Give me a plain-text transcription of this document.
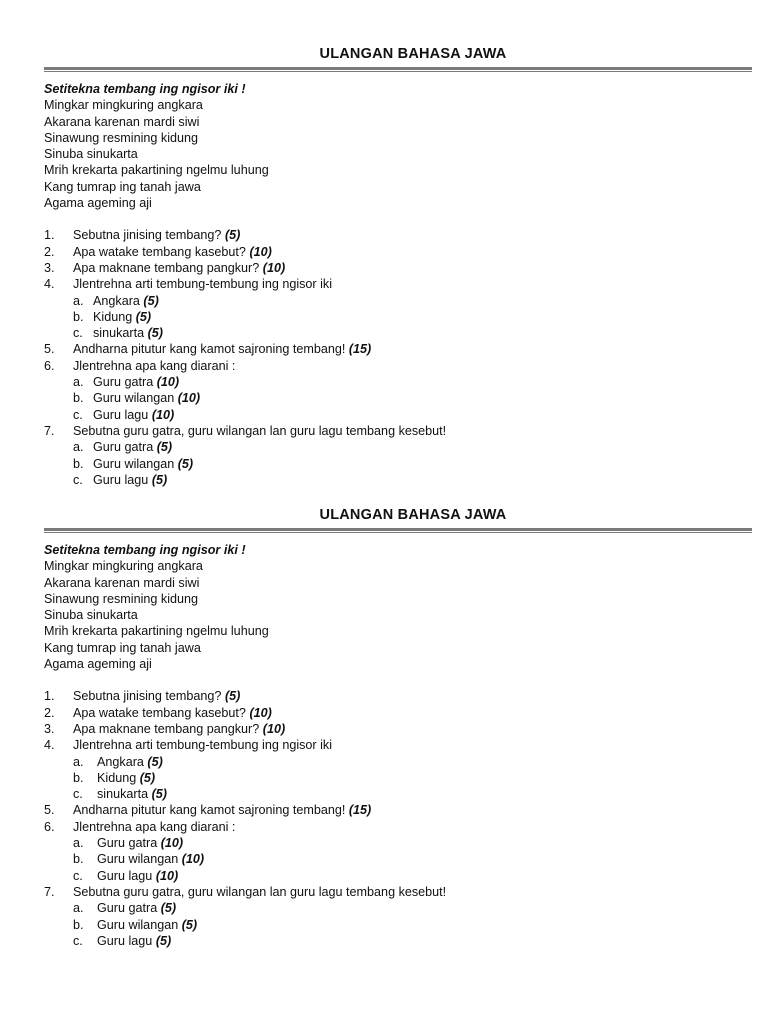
ULANGAN BAHASA JAWA
Setitekna tembang ing ngisor iki !
Mingkar mingkuring angkara
Akarana karenan mardi siwi
Sinawung resmining kidung
Sinuba sinukarta
Mrih krekarta pakartining ngelmu luhung
Kang tumrap ing tanah jawa
Agama ageming aji
1.	Sebutna jinising tembang? (5)
2.	Apa watake tembang kasebut? (10)
3.	Apa maknane tembang pangkur? (10)
4.	Jlentrehna arti tembung-tembung ing ngisor iki
a. Angkara (5)
b. Kidung (5)
c. sinukarta (5)
5.	Andharna pitutur kang kamot sajroning tembang! (15)
6.	Jlentrehna apa kang diarani :
a. Guru gatra (10)
b. Guru wilangan (10)
c. Guru lagu (10)
7.	Sebutna guru gatra, guru wilangan lan guru lagu tembang kesebut!
a. Guru gatra (5)
b. Guru wilangan (5)
c. Guru lagu (5)
ULANGAN BAHASA JAWA
Setitekna tembang ing ngisor iki !
Mingkar mingkuring angkara
Akarana karenan mardi siwi
Sinawung resmining kidung
Sinuba sinukarta
Mrih krekarta pakartining ngelmu luhung
Kang tumrap ing tanah jawa
Agama ageming aji
1.	Sebutna jinising tembang? (5)
2.	Apa watake tembang kasebut? (10)
3.	Apa maknane tembang pangkur? (10)
4.	Jlentrehna arti tembung-tembung ing ngisor iki
a.	Angkara (5)
b.	Kidung (5)
c.	sinukarta (5)
5.	Andharna pitutur kang kamot sajroning tembang! (15)
6.	Jlentrehna apa kang diarani :
a.	Guru gatra (10)
b.	Guru wilangan (10)
c.	Guru lagu (10)
7.	Sebutna guru gatra, guru wilangan lan guru lagu tembang kesebut!
a.	Guru gatra (5)
b.	Guru wilangan (5)
c.	Guru lagu (5)
